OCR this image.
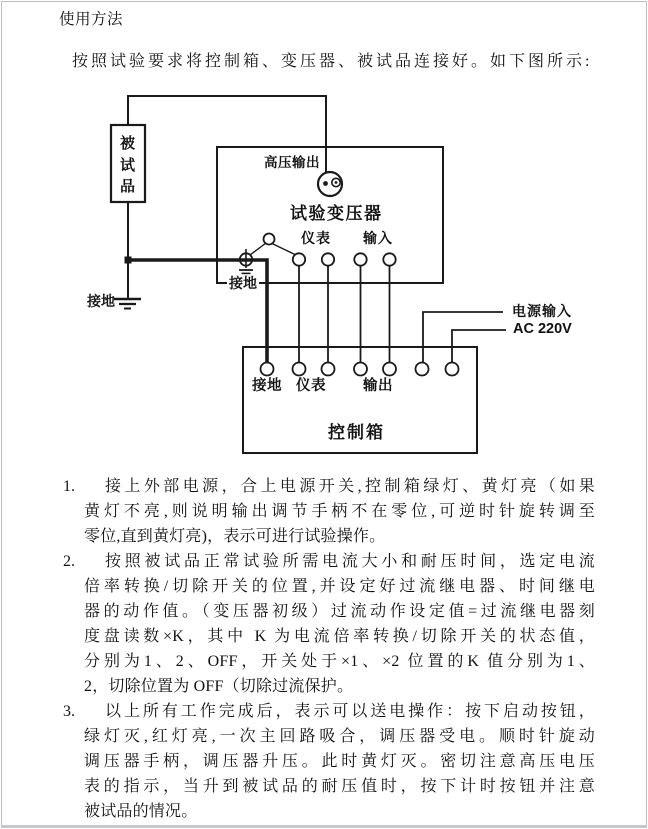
使用方法

按照试验要求将控制箱、变压器、被试品连接好。如下图所示:

被试品
高压输出
试验变压器
仪表 输入
接地
接地
接地 仪表	输出
控制箱
电源输入
AC 220V
1.	接上外部电源，合上电源开关,控制箱绿灯、黄灯亮（如果
黄灯不亮,则说明输出调节手柄不在零位,可逆时针旋转调至
零位,直到黄灯亮)，表示可进行试验操作。
2.	按照被试品正常试验所需电流大小和耐压时间，选定电流
倍率转换/切除开关的位置,并设定好过流继电器、时间继电
器的动作值。（变压器初级）过流动作设定值=过流继电器刻
度盘读数×K，其中 K 为电流倍率转换/切除开关的状态值，
分别为1、2、OFF，开关处于×1、×2 位置的K 值分别为1、
2，切除位置为 OFF（切除过流保护。
3.	以上所有工作完成后，表示可以送电操作：按下启动按钮，
绿灯灭,红灯亮,一次主回路吸合，调压器受电。顺时针旋动
调压器手柄，调压器升压。此时黄灯灭。密切注意高压电压
表的指示，当升到被试品的耐压值时，按下计时按钮并注意
被试品的情况。
